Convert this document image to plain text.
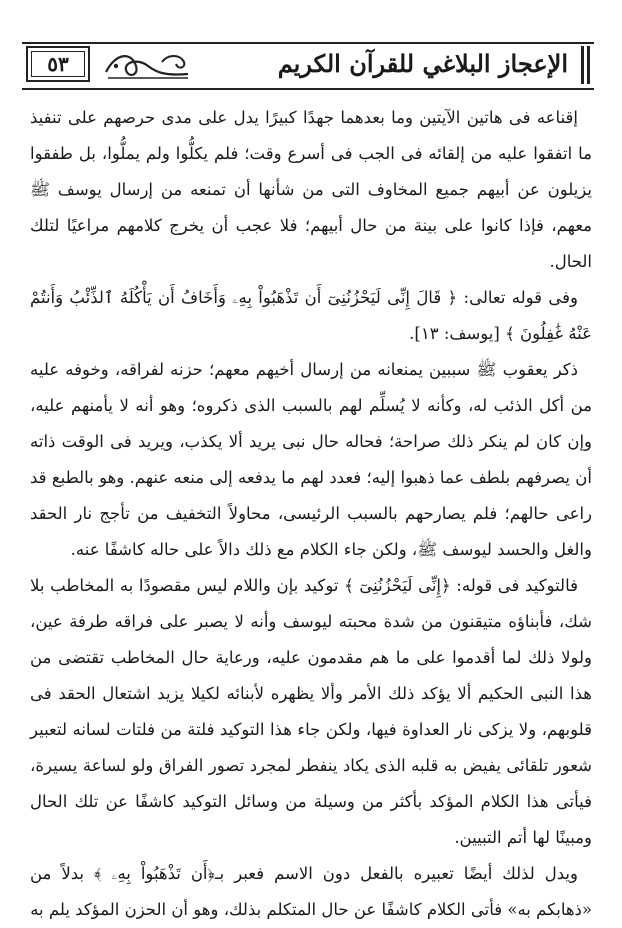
٥٣	الإعجاز البلاغي للقرآن الكريم

إقناعه فى هاتين الآيتين وما بعدهما جهدًا كبيرًا يدل على مدى حرصهم على تنفيذ ما اتفقوا عليه من إلقائه فى الجب فى أسرع وقت؛ فلم يكلُّوا ولم يملُّوا، بل طفقوا يزيلون عن أبيهم جميع المخاوف التى من شأنها أن تمنعه من إرسال يوسف ﷺ معهم، فإذا كانوا على بينة من حال أبيهم؛ فلا عجب أن يخرج كلامهم مراعيًا لتلك الحال.

وفى قوله تعالى: ﴿ قَالَ إِنِّى لَيَحْزُنُنِىٓ أَن تَذْهَبُواْ بِهِۦ وَأَخَافُ أَن يَأْكُلَهُ ٱلذِّئْبُ وَأَنتُمْ عَنْهُ غَٰفِلُونَ ﴾ [يوسف: ١٣].

ذكر يعقوب ﷺ سببين يمنعانه من إرسال أخيهم معهم؛ حزنه لفراقه، وخوفه عليه من أكل الذئب له، وكأنه لا يُسلِّم لهم بالسبب الذى ذكروه؛ وهو أنه لا يأمنهم عليه، وإن كان لم ينكر ذلك صراحة؛ فحاله حال نبى يريد ألا يكذب، ويريد فى الوقت ذاته أن يصرفهم بلطف عما ذهبوا إليه؛ فعدد لهم ما يدفعه إلى منعه عنهم. وهو بالطبع قد راعى حالهم؛ فلم يصارحهم بالسبب الرئيسى، محاولاً التخفيف من تأجج نار الحقد والغل والحسد ليوسف ﷺ، ولكن جاء الكلام مع ذلك دالاً على حاله كاشفًا عنه.

فالتوكيد فى قوله: ﴿إِنِّى لَيَحْزُنُنِىٓ ﴾ توكيد بإن واللام ليس مقصودًا به المخاطب بلا شك، فأبناؤه متيقنون من شدة محبته ليوسف وأنه لا يصبر على فراقه طرفة عين، ولولا ذلك لما أقدموا على ما هم مقدمون عليه، ورعاية حال المخاطب تقتضى من هذا النبى الحكيم ألا يؤكد ذلك الأمر وألا يظهره لأبنائه لكيلا يزيد اشتعال الحقد فى قلوبهم، ولا يزكى نار العداوة فيها، ولكن جاء هذا التوكيد فلتة من فلتات لسانه لتعبير شعور تلقائى يفيض به قلبه الذى يكاد ينفطر لمجرد تصور الفراق ولو لساعة يسيرة، فيأتى هذا الكلام المؤكد بأكثر من وسيلة من وسائل التوكيد كاشفًا عن تلك الحال ومبينًا لها أتم التبيين.

ويدل لذلك أيضًا تعبيره بالفعل دون الاسم فعبر بـ﴿أَن تَذْهَبُواْ بِهِۦ ﴾ بدلاً من «ذهابكم به» فأتى الكلام كاشفًا عن حال المتكلم بذلك، وهو أن الحزن المؤكد يلم به
